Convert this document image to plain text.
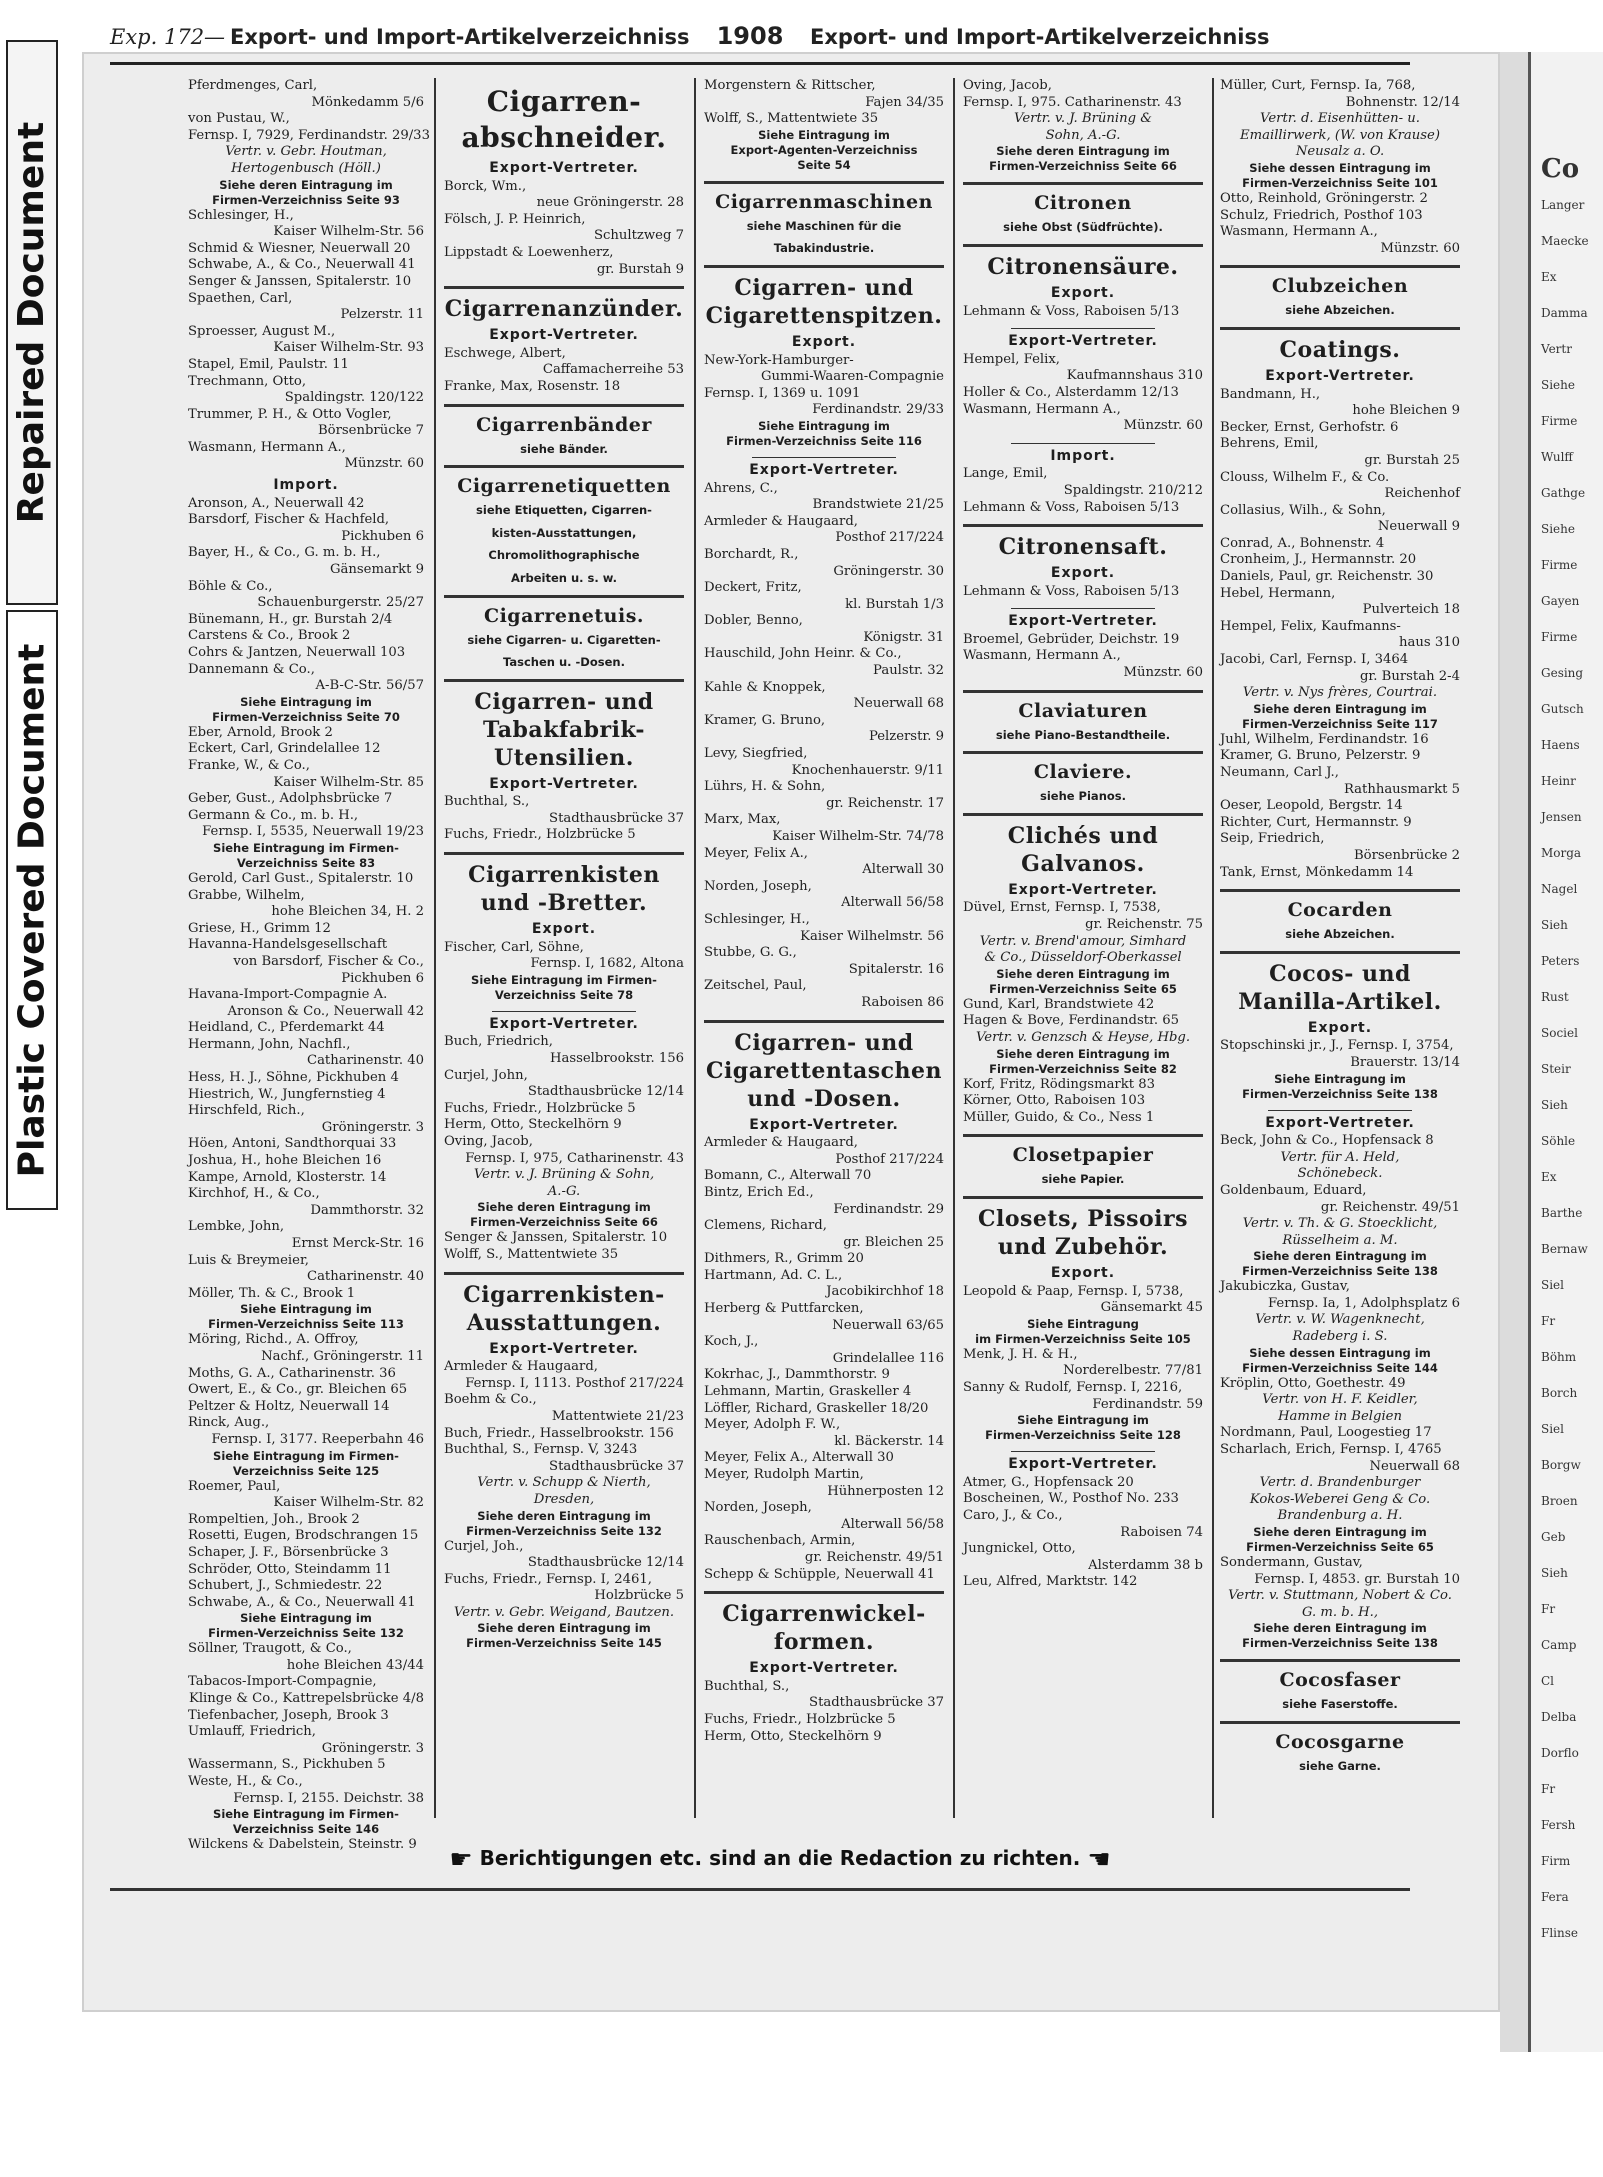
Repaired Document
Plastic Covered Document
Co
Langer
Maecke
Ex
Damma
Vertr
Siehe
Firme
Wulff
Gathge
Siehe
Firme
Gayen
Firme
Gesing
Gutsch
Haens
Heinr
Jensen
Morga
Nagel
Sieh
Peters
Rust
Sociel
Steir
Sieh
Söhle
Ex
Barthe
Bernaw
Siel
Fr
Böhm
Borch
Siel
Borgw
Broen
Geb
Sieh
Fr
Camp
Cl
Delba
Dorflo
Fr
Fersh
Firm
Fera
Flinse
Exp. 172— Export- und Import-Artikelverzeichniss	1908	Export- und Import-Artikelverzeichniss
Pferdmenges, Carl,
Mönkedamm 5/6
von Pustau, W.,
Fernsp. I, 7929, Ferdinandstr. 29/33
Vertr. v. Gebr. Houtman,
Hertogenbusch (Höll.)
Siehe deren Eintragung im
Firmen-Verzeichniss Seite 93
Schlesinger, H.,
Kaiser Wilhelm-Str. 56
Schmid & Wiesner, Neuerwall 20
Schwabe, A., & Co., Neuerwall 41
Senger & Janssen, Spitalerstr. 10
Spaethen, Carl,
Pelzerstr. 11
Sproesser, August M.,
Kaiser Wilhelm-Str. 93
Stapel, Emil, Paulstr. 11
Trechmann, Otto,
Spaldingstr. 120/122
Trummer, P. H., & Otto Vogler,
Börsenbrücke 7
Wasmann, Hermann A.,
Münzstr. 60
Import.
Aronson, A., Neuerwall 42
Barsdorf, Fischer & Hachfeld,
Pickhuben 6
Bayer, H., & Co., G. m. b. H.,
Gänsemarkt 9
Böhle & Co.,
Schauenburgerstr. 25/27
Bünemann, H., gr. Burstah 2/4
Carstens & Co., Brook 2
Cohrs & Jantzen, Neuerwall 103
Dannemann & Co.,
A-B-C-Str. 56/57
Siehe Eintragung im
Firmen-Verzeichniss Seite 70
Eber, Arnold, Brook 2
Eckert, Carl, Grindelallee 12
Franke, W., & Co.,
Kaiser Wilhelm-Str. 85
Geber, Gust., Adolphsbrücke 7
Germann & Co., m. b. H.,
Fernsp. I, 5535, Neuerwall 19/23
Siehe Eintragung im Firmen-
Verzeichniss Seite 83
Gerold, Carl Gust., Spitalerstr. 10
Grabbe, Wilhelm,
hohe Bleichen 34, H. 2
Griese, H., Grimm 12
Havanna-Handelsgesellschaft
von Barsdorf, Fischer & Co.,
Pickhuben 6
Havana-Import-Compagnie A.
Aronson & Co., Neuerwall 42
Heidland, C., Pferdemarkt 44
Hermann, John, Nachfl.,
Catharinenstr. 40
Hess, H. J., Söhne, Pickhuben 4
Hiestrich, W., Jungfernstieg 4
Hirschfeld, Rich.,
Gröningerstr. 3
Höen, Antoni, Sandthorquai 33
Joshua, H., hohe Bleichen 16
Kampe, Arnold, Klosterstr. 14
Kirchhof, H., & Co.,
Dammthorstr. 32
Lembke, John,
Ernst Merck-Str. 16
Luis & Breymeier,
Catharinenstr. 40
Möller, Th. & C., Brook 1
Siehe Eintragung im
Firmen-Verzeichniss Seite 113
Möring, Richd., A. Offroy,
Nachf., Gröningerstr. 11
Moths, G. A., Catharinenstr. 36
Owert, E., & Co., gr. Bleichen 65
Peltzer & Holtz, Neuerwall 14
Rinck, Aug.,
Fernsp. I, 3177. Reeperbahn 46
Siehe Eintragung im Firmen-
Verzeichniss Seite 125
Roemer, Paul,
Kaiser Wilhelm-Str. 82
Rompeltien, Joh., Brook 2
Rosetti, Eugen, Brodschrangen 15
Schaper, J. F., Börsenbrücke 3
Schröder, Otto, Steindamm 11
Schubert, J., Schmiedestr. 22
Schwabe, A., & Co., Neuerwall 41
Siehe Eintragung im
Firmen-Verzeichniss Seite 132
Söllner, Traugott, & Co.,
hohe Bleichen 43/44
Tabacos-Import-Compagnie,
Klinge & Co., Kattrepelsbrücke 4/8
Tiefenbacher, Joseph, Brook 3
Umlauff, Friedrich,
Gröningerstr. 3
Wassermann, S., Pickhuben 5
Weste, H., & Co.,
Fernsp. I, 2155. Deichstr. 38
Siehe Eintragung im Firmen-
Verzeichniss Seite 146
Wilckens & Dabelstein, Steinstr. 9
Cigarren-abschneider.
Export-Vertreter.
Borck, Wm.,
neue Gröningerstr. 28
Fölsch, J. P. Heinrich,
Schultzweg 7
Lippstadt & Loewenherz,
gr. Burstah 9
Cigarrenanzünder.
Export-Vertreter.
Eschwege, Albert,
Caffamacherreihe 53
Franke, Max, Rosenstr. 18
Cigarrenbänder
siehe Bänder.
Cigarrenetiquetten
siehe Etiquetten, Cigarren-
kisten-Ausstattungen,
Chromolithographische
Arbeiten u. s. w.
Cigarrenetuis.
siehe Cigarren- u. Cigaretten-
Taschen u. -Dosen.
Cigarren- und Tabakfabrik-Utensilien.
Export-Vertreter.
Buchthal, S.,
Stadthausbrücke 37
Fuchs, Friedr., Holzbrücke 5
Cigarrenkisten und -Bretter.
Export.
Fischer, Carl, Söhne,
Fernsp. I, 1682, Altona
Siehe Eintragung im Firmen-
Verzeichniss Seite 78
Export-Vertreter.
Buch, Friedrich,
Hasselbrookstr. 156
Curjel, John,
Stadthausbrücke 12/14
Fuchs, Friedr., Holzbrücke 5
Herm, Otto, Steckelhörn 9
Oving, Jacob,
Fernsp. I, 975, Catharinenstr. 43
Vertr. v. J. Brüning & Sohn,
A.-G.
Siehe deren Eintragung im
Firmen-Verzeichniss Seite 66
Senger & Janssen, Spitalerstr. 10
Wolff, S., Mattentwiete 35
Cigarrenkisten-Ausstattungen.
Export-Vertreter.
Armleder & Haugaard,
Fernsp. I, 1113. Posthof 217/224
Boehm & Co.,
Mattentwiete 21/23
Buch, Friedr., Hasselbrookstr. 156
Buchthal, S., Fernsp. V, 3243
Stadthausbrücke 37
Vertr. v. Schupp & Nierth,
Dresden,
Siehe deren Eintragung im
Firmen-Verzeichniss Seite 132
Curjel, Joh.,
Stadthausbrücke 12/14
Fuchs, Friedr., Fernsp. I, 2461,
Holzbrücke 5
Vertr. v. Gebr. Weigand, Bautzen.
Siehe deren Eintragung im
Firmen-Verzeichniss Seite 145
Morgenstern & Rittscher,
Fajen 34/35
Wolff, S., Mattentwiete 35
Siehe Eintragung im
Export-Agenten-Verzeichniss
Seite 54
Cigarrenmaschinen
siehe Maschinen für die
Tabakindustrie.
Cigarren- und Cigarettenspitzen.
Export.
New-York-Hamburger-
Gummi-Waaren-Compagnie
Fernsp. I, 1369 u. 1091
Ferdinandstr. 29/33
Siehe Eintragung im
Firmen-Verzeichniss Seite 116
Export-Vertreter.
Ahrens, C.,
Brandstwiete 21/25
Armleder & Haugaard,
Posthof 217/224
Borchardt, R.,
Gröningerstr. 30
Deckert, Fritz,
kl. Burstah 1/3
Dobler, Benno,
Königstr. 31
Hauschild, John Heinr. & Co.,
Paulstr. 32
Kahle & Knoppek,
Neuerwall 68
Kramer, G. Bruno,
Pelzerstr. 9
Levy, Siegfried,
Knochenhauerstr. 9/11
Lührs, H. & Sohn,
gr. Reichenstr. 17
Marx, Max,
Kaiser Wilhelm-Str. 74/78
Meyer, Felix A.,
Alterwall 30
Norden, Joseph,
Alterwall 56/58
Schlesinger, H.,
Kaiser Wilhelmstr. 56
Stubbe, G. G.,
Spitalerstr. 16
Zeitschel, Paul,
Raboisen 86
Cigarren- und Cigarettentaschen und -Dosen.
Export-Vertreter.
Armleder & Haugaard,
Posthof 217/224
Bomann, C., Alterwall 70
Bintz, Erich Ed.,
Ferdinandstr. 29
Clemens, Richard,
gr. Bleichen 25
Dithmers, R., Grimm 20
Hartmann, Ad. C. L.,
Jacobikirchhof 18
Herberg & Puttfarcken,
Neuerwall 63/65
Koch, J.,
Grindelallee 116
Kokrhac, J., Dammthorstr. 9
Lehmann, Martin, Graskeller 4
Löffler, Richard, Graskeller 18/20
Meyer, Adolph F. W.,
kl. Bäckerstr. 14
Meyer, Felix A., Alterwall 30
Meyer, Rudolph Martin,
Hühnerposten 12
Norden, Joseph,
Alterwall 56/58
Rauschenbach, Armin,
gr. Reichenstr. 49/51
Schepp & Schüpple, Neuerwall 41
Cigarrenwickel-formen.
Export-Vertreter.
Buchthal, S.,
Stadthausbrücke 37
Fuchs, Friedr., Holzbrücke 5
Herm, Otto, Steckelhörn 9
Oving, Jacob,
Fernsp. I, 975. Catharinenstr. 43
Vertr. v. J. Brüning &
Sohn, A.-G.
Siehe deren Eintragung im
Firmen-Verzeichniss Seite 66
Citronen
siehe Obst (Südfrüchte).
Citronensäure.
Export.
Lehmann & Voss, Raboisen 5/13
Export-Vertreter.
Hempel, Felix,
Kaufmannshaus 310
Holler & Co., Alsterdamm 12/13
Wasmann, Hermann A.,
Münzstr. 60
Import.
Lange, Emil,
Spaldingstr. 210/212
Lehmann & Voss, Raboisen 5/13
Citronensaft.
Export.
Lehmann & Voss, Raboisen 5/13
Export-Vertreter.
Broemel, Gebrüder, Deichstr. 19
Wasmann, Hermann A.,
Münzstr. 60
Claviaturen
siehe Piano-Bestandtheile.
Claviere.
siehe Pianos.
Clichés und Galvanos.
Export-Vertreter.
Düvel, Ernst, Fernsp. I, 7538,
gr. Reichenstr. 75
Vertr. v. Brend'amour, Simhard
& Co., Düsseldorf-Oberkassel
Siehe deren Eintragung im
Firmen-Verzeichniss Seite 65
Gund, Karl, Brandstwiete 42
Hagen & Bove, Ferdinandstr. 65
Vertr. v. Genzsch & Heyse, Hbg.
Siehe deren Eintragung im
Firmen-Verzeichniss Seite 82
Korf, Fritz, Rödingsmarkt 83
Körner, Otto, Raboisen 103
Müller, Guido, & Co., Ness 1
Closetpapier
siehe Papier.
Closets, Pissoirs und Zubehör.
Export.
Leopold & Paap, Fernsp. I, 5738,
Gänsemarkt 45
Siehe Eintragung
im Firmen-Verzeichniss Seite 105
Menk, J. H. & H.,
Norderelbestr. 77/81
Sanny & Rudolf, Fernsp. I, 2216,
Ferdinandstr. 59
Siehe Eintragung im
Firmen-Verzeichniss Seite 128
Export-Vertreter.
Atmer, G., Hopfensack 20
Boscheinen, W., Posthof No. 233
Caro, J., & Co.,
Raboisen 74
Jungnickel, Otto,
Alsterdamm 38 b
Leu, Alfred, Marktstr. 142
Müller, Curt, Fernsp. Ia, 768,
Bohnenstr. 12/14
Vertr. d. Eisenhütten- u.
Emaillirwerk, (W. von Krause)
Neusalz a. O.
Siehe dessen Eintragung im
Firmen-Verzeichniss Seite 101
Otto, Reinhold, Gröningerstr. 2
Schulz, Friedrich, Posthof 103
Wasmann, Hermann A.,
Münzstr. 60
Clubzeichen
siehe Abzeichen.
Coatings.
Export-Vertreter.
Bandmann, H.,
hohe Bleichen 9
Becker, Ernst, Gerhofstr. 6
Behrens, Emil,
gr. Burstah 25
Clouss, Wilhelm F., & Co.
Reichenhof
Collasius, Wilh., & Sohn,
Neuerwall 9
Conrad, A., Bohnenstr. 4
Cronheim, J., Hermannstr. 20
Daniels, Paul, gr. Reichenstr. 30
Hebel, Hermann,
Pulverteich 18
Hempel, Felix, Kaufmanns-
haus 310
Jacobi, Carl, Fernsp. I, 3464
gr. Burstah 2-4
Vertr. v. Nys frères, Courtrai.
Siehe deren Eintragung im
Firmen-Verzeichniss Seite 117
Juhl, Wilhelm, Ferdinandstr. 16
Kramer, G. Bruno, Pelzerstr. 9
Neumann, Carl J.,
Rathhausmarkt 5
Oeser, Leopold, Bergstr. 14
Richter, Curt, Hermannstr. 9
Seip, Friedrich,
Börsenbrücke 2
Tank, Ernst, Mönkedamm 14
Cocarden
siehe Abzeichen.
Cocos- und Manilla-Artikel.
Export.
Stopschinski jr., J., Fernsp. I, 3754,
Brauerstr. 13/14
Siehe Eintragung im
Firmen-Verzeichniss Seite 138
Export-Vertreter.
Beck, John & Co., Hopfensack 8
Vertr. für A. Held,
Schönebeck.
Goldenbaum, Eduard,
gr. Reichenstr. 49/51
Vertr. v. Th. & G. Stoecklicht,
Rüsselheim a. M.
Siehe deren Eintragung im
Firmen-Verzeichniss Seite 138
Jakubiczka, Gustav,
Fernsp. Ia, 1, Adolphsplatz 6
Vertr. v. W. Wagenknecht,
Radeberg i. S.
Siehe dessen Eintragung im
Firmen-Verzeichniss Seite 144
Kröplin, Otto, Goethestr. 49
Vertr. von H. F. Keidler,
Hamme in Belgien
Nordmann, Paul, Loogestieg 17
Scharlach, Erich, Fernsp. I, 4765
Neuerwall 68
Vertr. d. Brandenburger
Kokos-Weberei Geng & Co.
Brandenburg a. H.
Siehe deren Eintragung im
Firmen-Verzeichniss Seite 65
Sondermann, Gustav,
Fernsp. I, 4853. gr. Burstah 10
Vertr. v. Stuttmann, Nobert & Co.
G. m. b. H.,
Siehe deren Eintragung im
Firmen-Verzeichniss Seite 138
Cocosfaser
siehe Faserstoffe.
Cocosgarne
siehe Garne.
☛ Berichtigungen etc. sind an die Redaction zu richten. ☚
